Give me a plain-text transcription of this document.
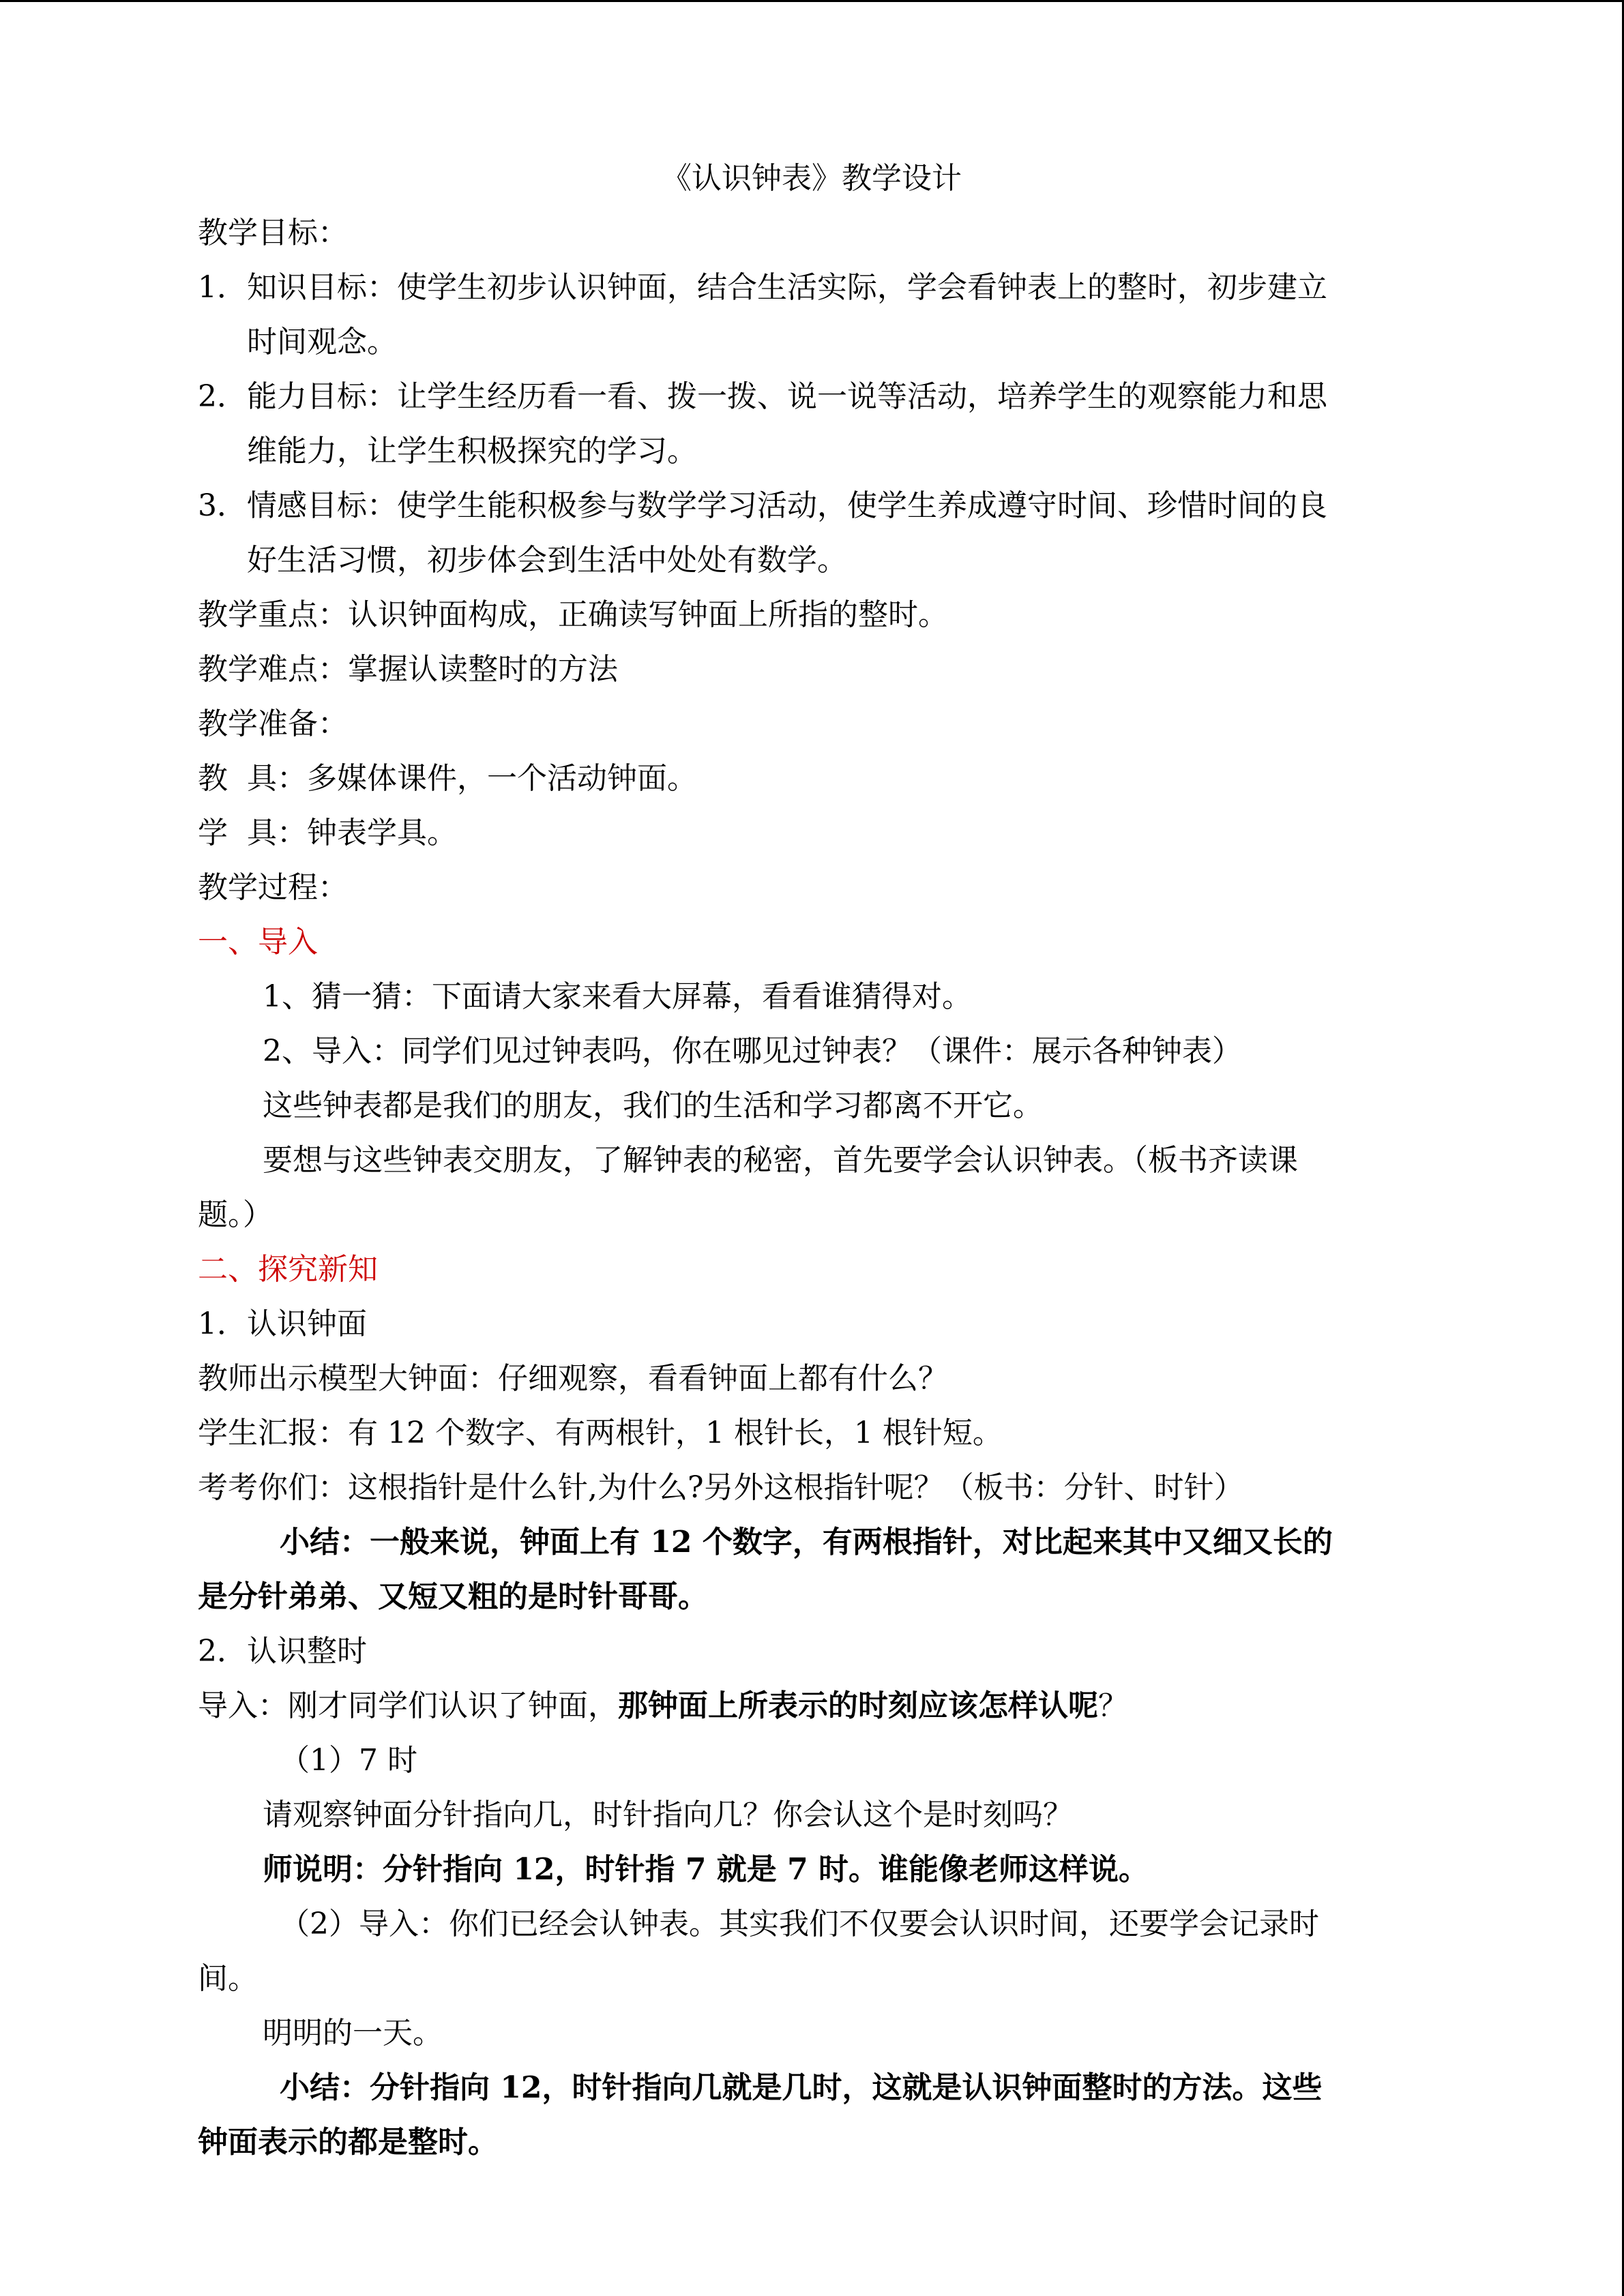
《认识钟表》教学设计
教学目标：
1．知识目标：使学生初步认识钟面，结合生活实际，学会看钟表上的整时，初步建立
时间观念。
2．能力目标：让学生经历看一看、拨一拨、说一说等活动，培养学生的观察能力和思
维能力，让学生积极探究的学习。
3．情感目标：使学生能积极参与数学学习活动，使学生养成遵守时间、珍惜时间的良
好生活习惯，初步体会到生活中处处有数学。
教学重点：认识钟面构成，正确读写钟面上所指的整时。
教学难点：掌握认读整时的方法
教学准备：
教  具：多媒体课件，一个活动钟面。
学  具：钟表学具。
教学过程：
一、导入
1、猜一猜：下面请大家来看大屏幕，看看谁猜得对。
2、导入：同学们见过钟表吗，你在哪见过钟表？（课件：展示各种钟表）
这些钟表都是我们的朋友，我们的生活和学习都离不开它。
要想与这些钟表交朋友，了解钟表的秘密，首先要学会认识钟表。（板书齐读课
题。）
二、探究新知
1．认识钟面
教师出示模型大钟面：仔细观察，看看钟面上都有什么？
学生汇报：有 12 个数字、有两根针，1 根针长，1 根针短。
考考你们：这根指针是什么针,为什么?另外这根指针呢？（板书：分针、时针）
小结：一般来说，钟面上有 12 个数字，有两根指针，对比起来其中又细又长的
是分针弟弟、又短又粗的是时针哥哥。
2．认识整时
导入：刚才同学们认识了钟面，那钟面上所表示的时刻应该怎样认呢？
（1）7 时
请观察钟面分针指向几，时针指向几？你会认这个是时刻吗？
师说明：分针指向 12，时针指 7 就是 7 时。谁能像老师这样说。
（2）导入：你们已经会认钟表。其实我们不仅要会认识时间，还要学会记录时
间。
明明的一天。
小结：分针指向 12，时针指向几就是几时，这就是认识钟面整时的方法。这些
钟面表示的都是整时。
